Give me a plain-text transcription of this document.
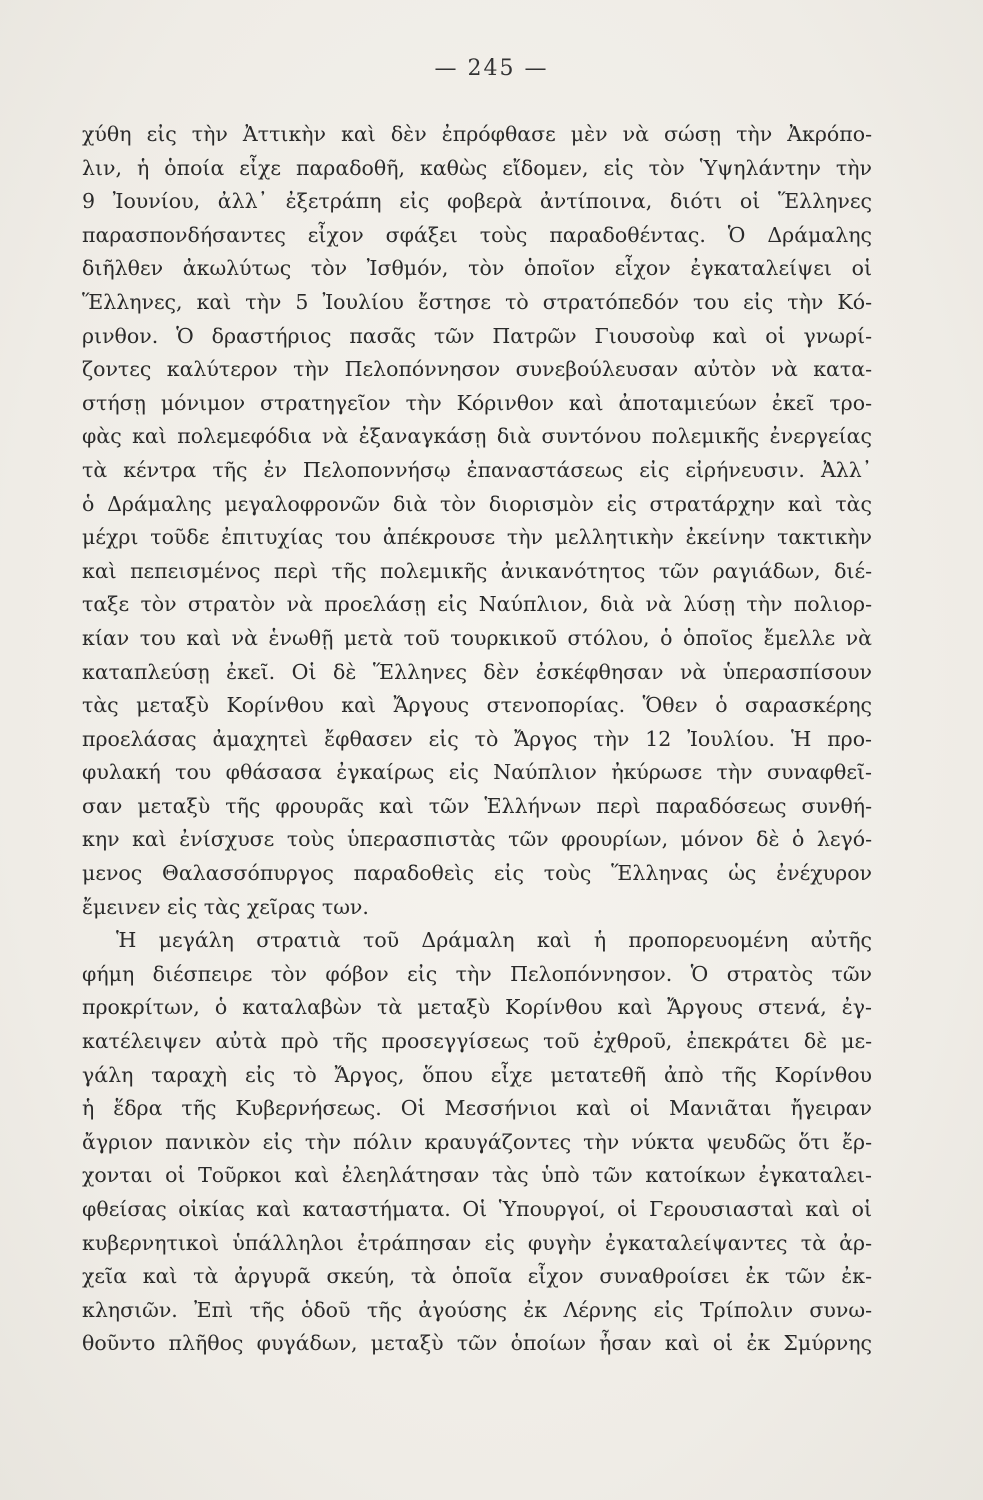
— 245 —
χύθη εἰς τὴν Ἀττικὴν καὶ δὲν ἐπρόφθασε μὲν νὰ σώσῃ τὴν Ἀκρόπο-
λιν, ἡ ὁποία εἶχε παραδοθῆ, καθὼς εἴδομεν, εἰς τὸν Ὑψηλάντην τὴν
9 Ἰουνίου, ἀλλ᾽ ἐξετράπη εἰς φοβερὰ ἀντίποινα, διότι οἱ Ἕλληνες
παρασπονδήσαντες εἶχον σφάξει τοὺς παραδοθέντας. Ὁ Δράμαλης
διῆλθεν ἀκωλύτως τὸν Ἰσθμόν, τὸν ὁποῖον εἶχον ἐγκαταλείψει οἱ
Ἕλληνες, καὶ τὴν 5 Ἰουλίου ἔστησε τὸ στρατόπεδόν του εἰς τὴν Κό-
ρινθον. Ὁ δραστήριος πασᾶς τῶν Πατρῶν Γιουσοὺφ καὶ οἱ γνωρί-
ζοντες καλύτερον τὴν Πελοπόννησον συνεβούλευσαν αὐτὸν νὰ κατα-
στήσῃ μόνιμον στρατηγεῖον τὴν Κόρινθον καὶ ἀποταμιεύων ἐκεῖ τρο-
φὰς καὶ πολεμεφόδια νὰ ἐξαναγκάσῃ διὰ συντόνου πολεμικῆς ἐνεργείας
τὰ κέντρα τῆς ἐν Πελοποννήσῳ ἐπαναστάσεως εἰς εἰρήνευσιν. Ἀλλ᾽
ὁ Δράμαλης μεγαλοφρονῶν διὰ τὸν διορισμὸν εἰς στρατάρχην καὶ τὰς
μέχρι τοῦδε ἐπιτυχίας του ἀπέκρουσε τὴν μελλητικὴν ἐκείνην τακτικὴν
καὶ πεπεισμένος περὶ τῆς πολεμικῆς ἀνικανότητος τῶν ραγιάδων, διέ-
ταξε τὸν στρατὸν νὰ προελάσῃ εἰς Ναύπλιον, διὰ νὰ λύσῃ τὴν πολιορ-
κίαν του καὶ νὰ ἑνωθῇ μετὰ τοῦ τουρκικοῦ στόλου, ὁ ὁποῖος ἔμελλε νὰ
καταπλεύσῃ ἐκεῖ. Οἱ δὲ Ἕλληνες δὲν ἐσκέφθησαν νὰ ὑπερασπίσουν
τὰς μεταξὺ Κορίνθου καὶ Ἄργους στενοπορίας. Ὅθεν ὁ σαρασκέρης
προελάσας ἀμαχητεὶ ἔφθασεν εἰς τὸ Ἄργος τὴν 12 Ἰουλίου. Ἡ προ-
φυλακή του φθάσασα ἐγκαίρως εἰς Ναύπλιον ἠκύρωσε τὴν συναφθεῖ-
σαν μεταξὺ τῆς φρουρᾶς καὶ τῶν Ἑλλήνων περὶ παραδόσεως συνθή-
κην καὶ ἐνίσχυσε τοὺς ὑπερασπιστὰς τῶν φρουρίων, μόνον δὲ ὁ λεγό-
μενος Θαλασσόπυργος παραδοθεὶς εἰς τοὺς Ἕλληνας ὡς ἐνέχυρον
ἔμεινεν εἰς τὰς χεῖρας των.
Ἡ μεγάλη στρατιὰ τοῦ Δράμαλη καὶ ἡ προπορευομένη αὐτῆς
φήμη διέσπειρε τὸν φόβον εἰς τὴν Πελοπόννησον. Ὁ στρατὸς τῶν
προκρίτων, ὁ καταλαβὼν τὰ μεταξὺ Κορίνθου καὶ Ἄργους στενά, ἐγ-
κατέλειψεν αὐτὰ πρὸ τῆς προσεγγίσεως τοῦ ἐχθροῦ, ἐπεκράτει δὲ με-
γάλη ταραχὴ εἰς τὸ Ἄργος, ὅπου εἶχε μετατεθῆ ἀπὸ τῆς Κορίνθου
ἡ ἕδρα τῆς Κυβερνήσεως. Οἱ Μεσσήνιοι καὶ οἱ Μανιᾶται ἤγειραν
ἄγριον πανικὸν εἰς τὴν πόλιν κραυγάζοντες τὴν νύκτα ψευδῶς ὅτι ἔρ-
χονται οἱ Τοῦρκοι καὶ ἐλεηλάτησαν τὰς ὑπὸ τῶν κατοίκων ἐγκαταλει-
φθείσας οἰκίας καὶ καταστήματα. Οἱ Ὑπουργοί, οἱ Γερουσιασταὶ καὶ οἱ
κυβερνητικοὶ ὑπάλληλοι ἐτράπησαν εἰς φυγὴν ἐγκαταλείψαντες τὰ ἀρ-
χεῖα καὶ τὰ ἀργυρᾶ σκεύη, τὰ ὁποῖα εἶχον συναθροίσει ἐκ τῶν ἐκ-
κλησιῶν. Ἐπὶ τῆς ὁδοῦ τῆς ἀγούσης ἐκ Λέρνης εἰς Τρίπολιν συνω-
θοῦντο πλῆθος φυγάδων, μεταξὺ τῶν ὁποίων ἦσαν καὶ οἱ ἐκ Σμύρνης
